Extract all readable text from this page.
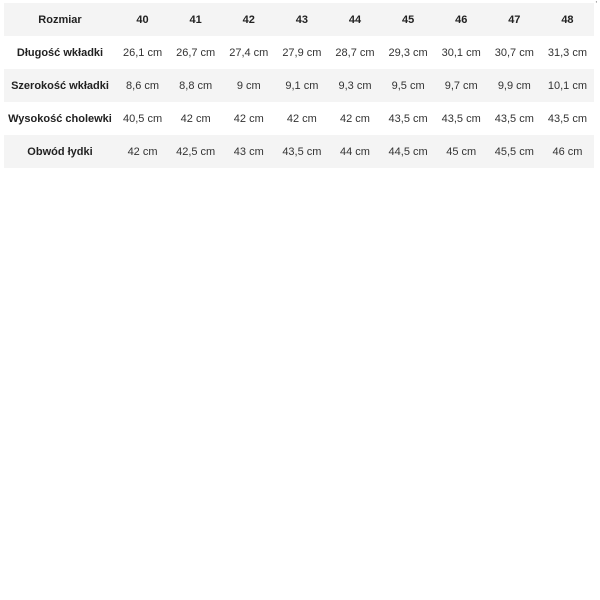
'
Rozmiar	40	41	42	43	44	45	46	47	48
Długość wkładki	26,1 cm	26,7 cm	27,4 cm	27,9 cm	28,7 cm	29,3 cm	30,1 cm	30,7 cm	31,3 cm
Szerokość wkładki	8,6 cm	8,8 cm	9 cm	9,1 cm	9,3 cm	9,5 cm	9,7 cm	9,9 cm	10,1 cm
Wysokość cholewki	40,5 cm	42 cm	42 cm	42 cm	42 cm	43,5 cm	43,5 cm	43,5 cm	43,5 cm
Obwód łydki	42 cm	42,5 cm	43 cm	43,5 cm	44 cm	44,5 cm	45 cm	45,5 cm	46 cm
